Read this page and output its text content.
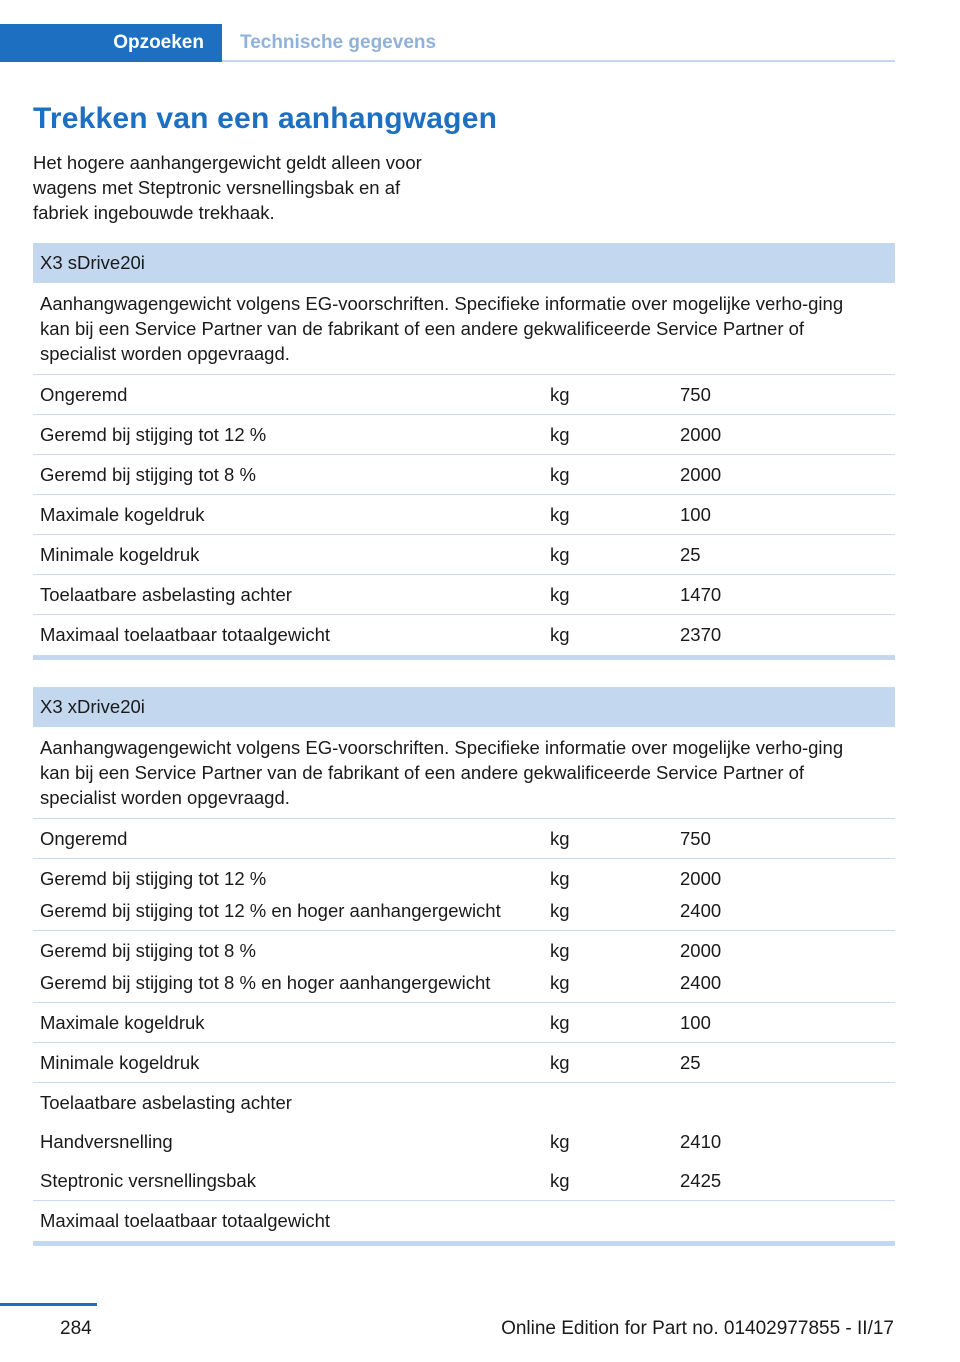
Opzoeken	Technische gegevens
Trekken van een aanhangwagen

Het hogere aanhangergewicht geldt alleen voor wagens met Steptronic versnellingsbak en af fabriek ingebouwde trekhaak.

X3 sDrive20i
Aanhangwagengewicht volgens EG-voorschriften. Specifieke informatie over mogelijke verho-ging kan bij een Service Partner van de fabrikant of een andere gekwalificeerde Service Partner of specialist worden opgevraagd.
Ongeremd	kg	750
Geremd bij stijging tot 12 %	kg	2000
Geremd bij stijging tot 8 %	kg	2000
Maximale kogeldruk	kg	100
Minimale kogeldruk	kg	25
Toelaatbare asbelasting achter	kg	1470
Maximaal toelaatbaar totaalgewicht	kg	2370
X3 xDrive20i
Aanhangwagengewicht volgens EG-voorschriften. Specifieke informatie over mogelijke verho-ging kan bij een Service Partner van de fabrikant of een andere gekwalificeerde Service Partner of specialist worden opgevraagd.
Ongeremd	kg	750
Geremd bij stijging tot 12 %	kg	2000
Geremd bij stijging tot 12 % en hoger aanhangergewicht	kg	2400
Geremd bij stijging tot 8 %	kg	2000
Geremd bij stijging tot 8 % en hoger aanhangergewicht	kg	2400
Maximale kogeldruk	kg	100
Minimale kogeldruk	kg	25
Toelaatbare asbelasting achter
Handversnelling	kg	2410
Steptronic versnellingsbak	kg	2425
Maximaal toelaatbaar totaalgewicht
284	Online Edition for Part no. 01402977855 - II/17
